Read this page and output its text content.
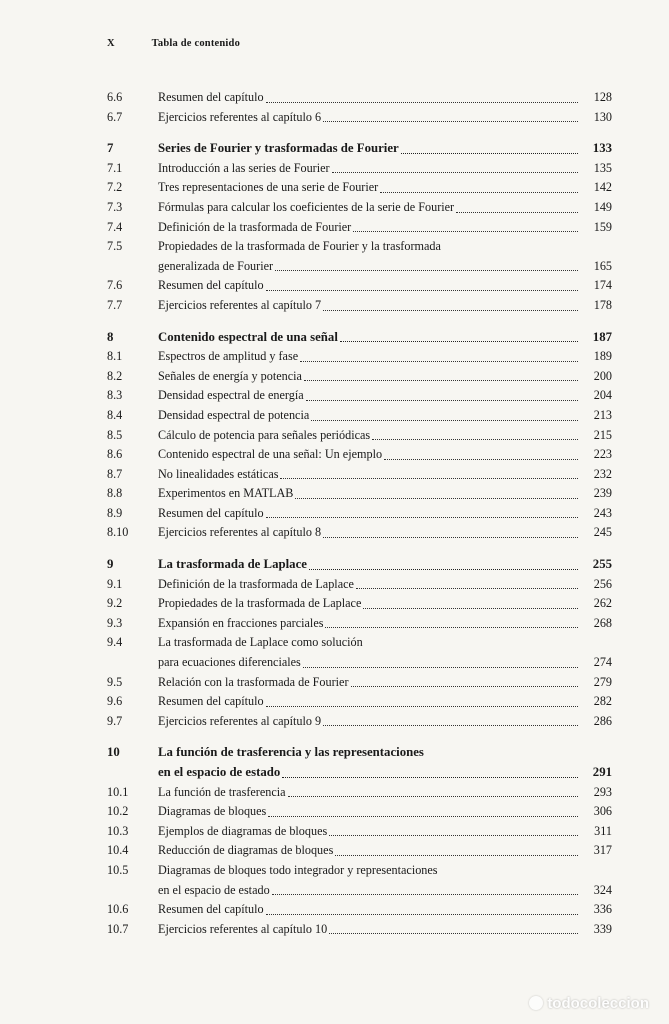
X	Tabla de contenido
6.6	Resumen del capítulo	128
6.7	Ejercicios referentes al capítulo 6	130
7	Series de Fourier y trasformadas de Fourier	133
7.1	Introducción a las series de Fourier	135
7.2	Tres representaciones de una serie de Fourier	142
7.3	Fórmulas para calcular los coeficientes de la serie de Fourier	149
7.4	Definición de la trasformada de Fourier	159
7.5	Propiedades de la trasformada de Fourier y la trasformada
generalizada de Fourier	165
7.6	Resumen del capítulo	174
7.7	Ejercicios referentes al capítulo 7	178
8	Contenido espectral de una señal	187
8.1	Espectros de amplitud y fase	189
8.2	Señales de energía y potencia	200
8.3	Densidad espectral de energía	204
8.4	Densidad espectral de potencia	213
8.5	Cálculo de potencia para señales periódicas	215
8.6	Contenido espectral de una señal: Un ejemplo	223
8.7	No linealidades estáticas	232
8.8	Experimentos en MATLAB	239
8.9	Resumen del capítulo	243
8.10	Ejercicios referentes al capítulo 8	245
9	La trasformada de Laplace	255
9.1	Definición de la trasformada de Laplace	256
9.2	Propiedades de la trasformada de Laplace	262
9.3	Expansión en fracciones parciales	268
9.4	La trasformada de Laplace como solución
para ecuaciones diferenciales	274
9.5	Relación con la trasformada de Fourier	279
9.6	Resumen del capítulo	282
9.7	Ejercicios referentes al capítulo 9	286
10	La función de trasferencia y las representaciones
en el espacio de estado	291
10.1	La función de trasferencia	293
10.2	Diagramas de bloques	306
10.3	Ejemplos de diagramas de bloques	311
10.4	Reducción de diagramas de bloques	317
10.5	Diagramas de bloques todo integrador y representaciones
en el espacio de estado	324
10.6	Resumen del capítulo	336
10.7	Ejercicios referentes al capítulo 10	339
todocoleccion
